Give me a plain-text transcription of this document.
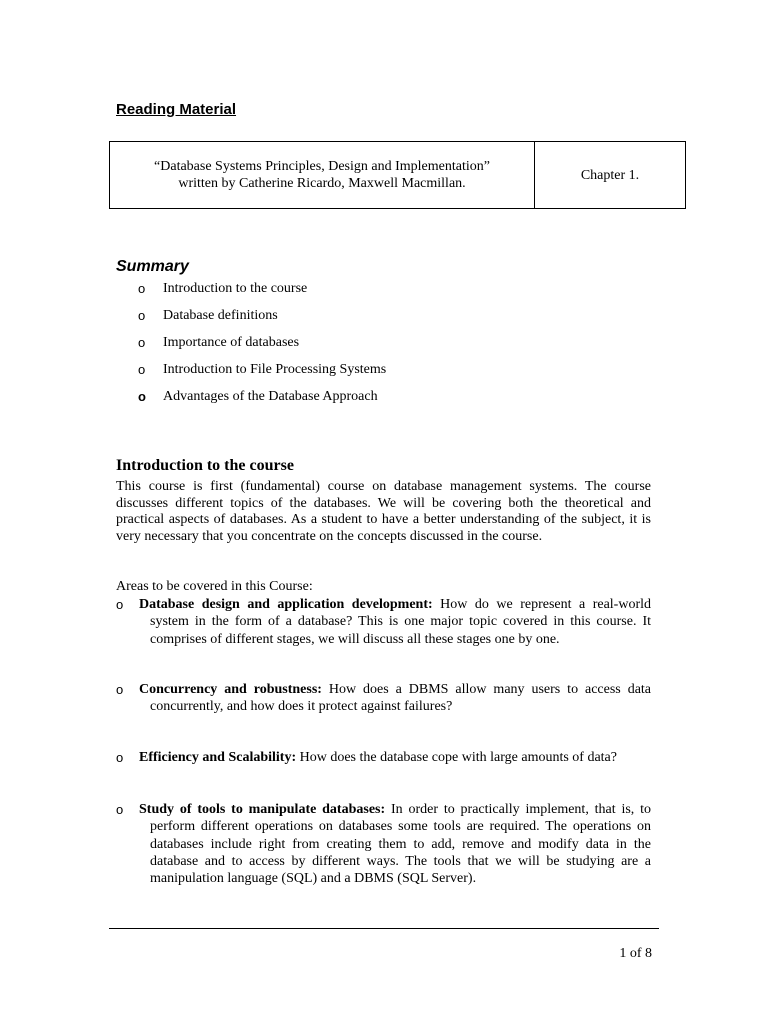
Reading Material
“Database Systems Principles, Design and Implementation”
written by Catherine Ricardo, Maxwell Macmillan.
	Chapter 1.
Summary
o	Introduction to the course
o	Database definitions
o	Importance of databases
o	Introduction to File Processing Systems
o	Advantages of the Database Approach
Introduction to the course

This course is first (fundamental) course on database management systems. The course discusses different topics of the databases. We will be covering both the theoretical and practical aspects of databases. As a student to have a better understanding of the subject, it is very necessary that you concentrate on the concepts discussed in the course.

Areas to be covered in this Course:

o	Database design and application development: How do we represent a real-world system in the form of a database? This is one major topic covered in this course. It comprises of different stages, we will discuss all these stages one by one.
o	Concurrency and robustness: How does a DBMS allow many users to access data concurrently, and how does it protect against failures?
o	Efficiency and Scalability: How does the database cope with large amounts of data?
o	Study of tools to manipulate databases: In order to practically implement, that is, to perform different operations on databases some tools are required. The operations on databases include right from creating them to add, remove and modify data in the database and to access by different ways. The tools that we will be studying are a manipulation language (SQL) and a DBMS (SQL Server).

1 of 8
